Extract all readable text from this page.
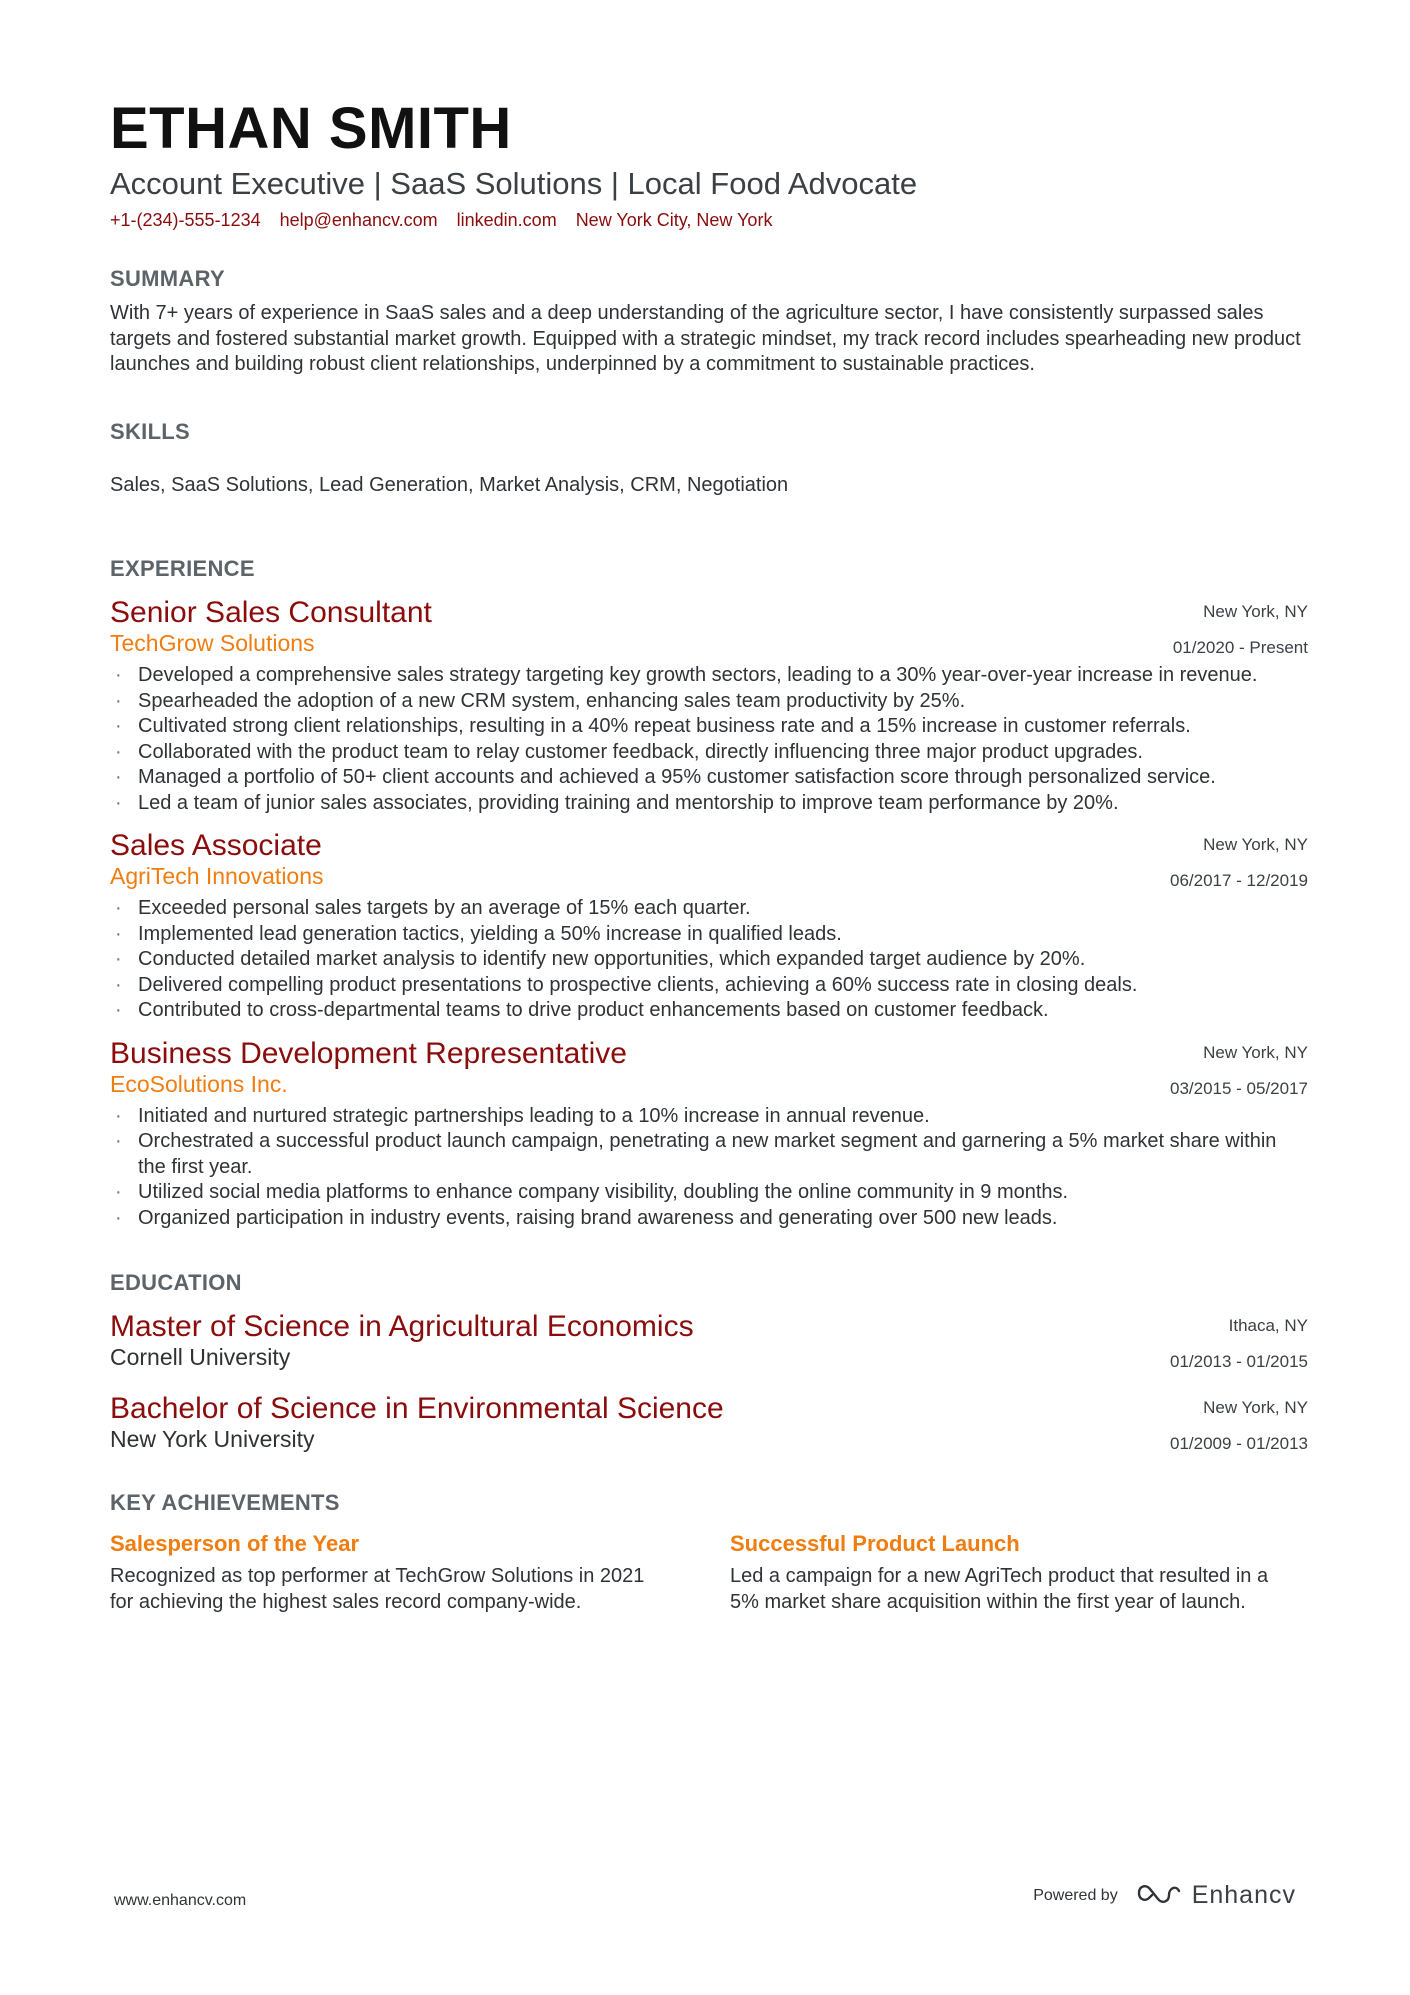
ETHAN SMITH
Account Executive | SaaS Solutions | Local Food Advocate
+1-(234)-555-1234 help@enhancv.com linkedin.com New York City, New York
SUMMARY

With 7+ years of experience in SaaS sales and a deep understanding of the agriculture sector, I have consistently surpassed sales targets and fostered substantial market growth. Equipped with a strategic mindset, my track record includes spearheading new product launches and building robust client relationships, underpinned by a commitment to sustainable practices.

SKILLS

Sales, SaaS Solutions, Lead Generation, Market Analysis, CRM, Negotiation

EXPERIENCE
Senior Sales Consultant
TechGrow Solutions
New York, NY
01/2020 - Present
· Developed a comprehensive sales strategy targeting key growth sectors, leading to a 30% year-over-year increase in revenue.
· Spearheaded the adoption of a new CRM system, enhancing sales team productivity by 25%.
· Cultivated strong client relationships, resulting in a 40% repeat business rate and a 15% increase in customer referrals.
· Collaborated with the product team to relay customer feedback, directly influencing three major product upgrades.
· Managed a portfolio of 50+ client accounts and achieved a 95% customer satisfaction score through personalized service.
· Led a team of junior sales associates, providing training and mentorship to improve team performance by 20%.
Sales Associate
AgriTech Innovations
New York, NY
06/2017 - 12/2019
· Exceeded personal sales targets by an average of 15% each quarter.
· Implemented lead generation tactics, yielding a 50% increase in qualified leads.
· Conducted detailed market analysis to identify new opportunities, which expanded target audience by 20%.
· Delivered compelling product presentations to prospective clients, achieving a 60% success rate in closing deals.
· Contributed to cross-departmental teams to drive product enhancements based on customer feedback.
Business Development Representative
EcoSolutions Inc.
New York, NY
03/2015 - 05/2017
· Initiated and nurtured strategic partnerships leading to a 10% increase in annual revenue.
· Orchestrated a successful product launch campaign, penetrating a new market segment and garnering a 5% market share within the first year.
· Utilized social media platforms to enhance company visibility, doubling the online community in 9 months.
· Organized participation in industry events, raising brand awareness and generating over 500 new leads.
EDUCATION
Master of Science in Agricultural Economics
Cornell University
Ithaca, NY
01/2013 - 01/2015
Bachelor of Science in Environmental Science
New York University
New York, NY
01/2009 - 01/2013
KEY ACHIEVEMENTS
Salesperson of the Year

Recognized as top performer at TechGrow Solutions in 2021 for achieving the highest sales record company-wide.

Successful Product Launch

Led a campaign for a new AgriTech product that resulted in a 5% market share acquisition within the first year of launch.

www.enhancv.com	Powered by	Enhancv
